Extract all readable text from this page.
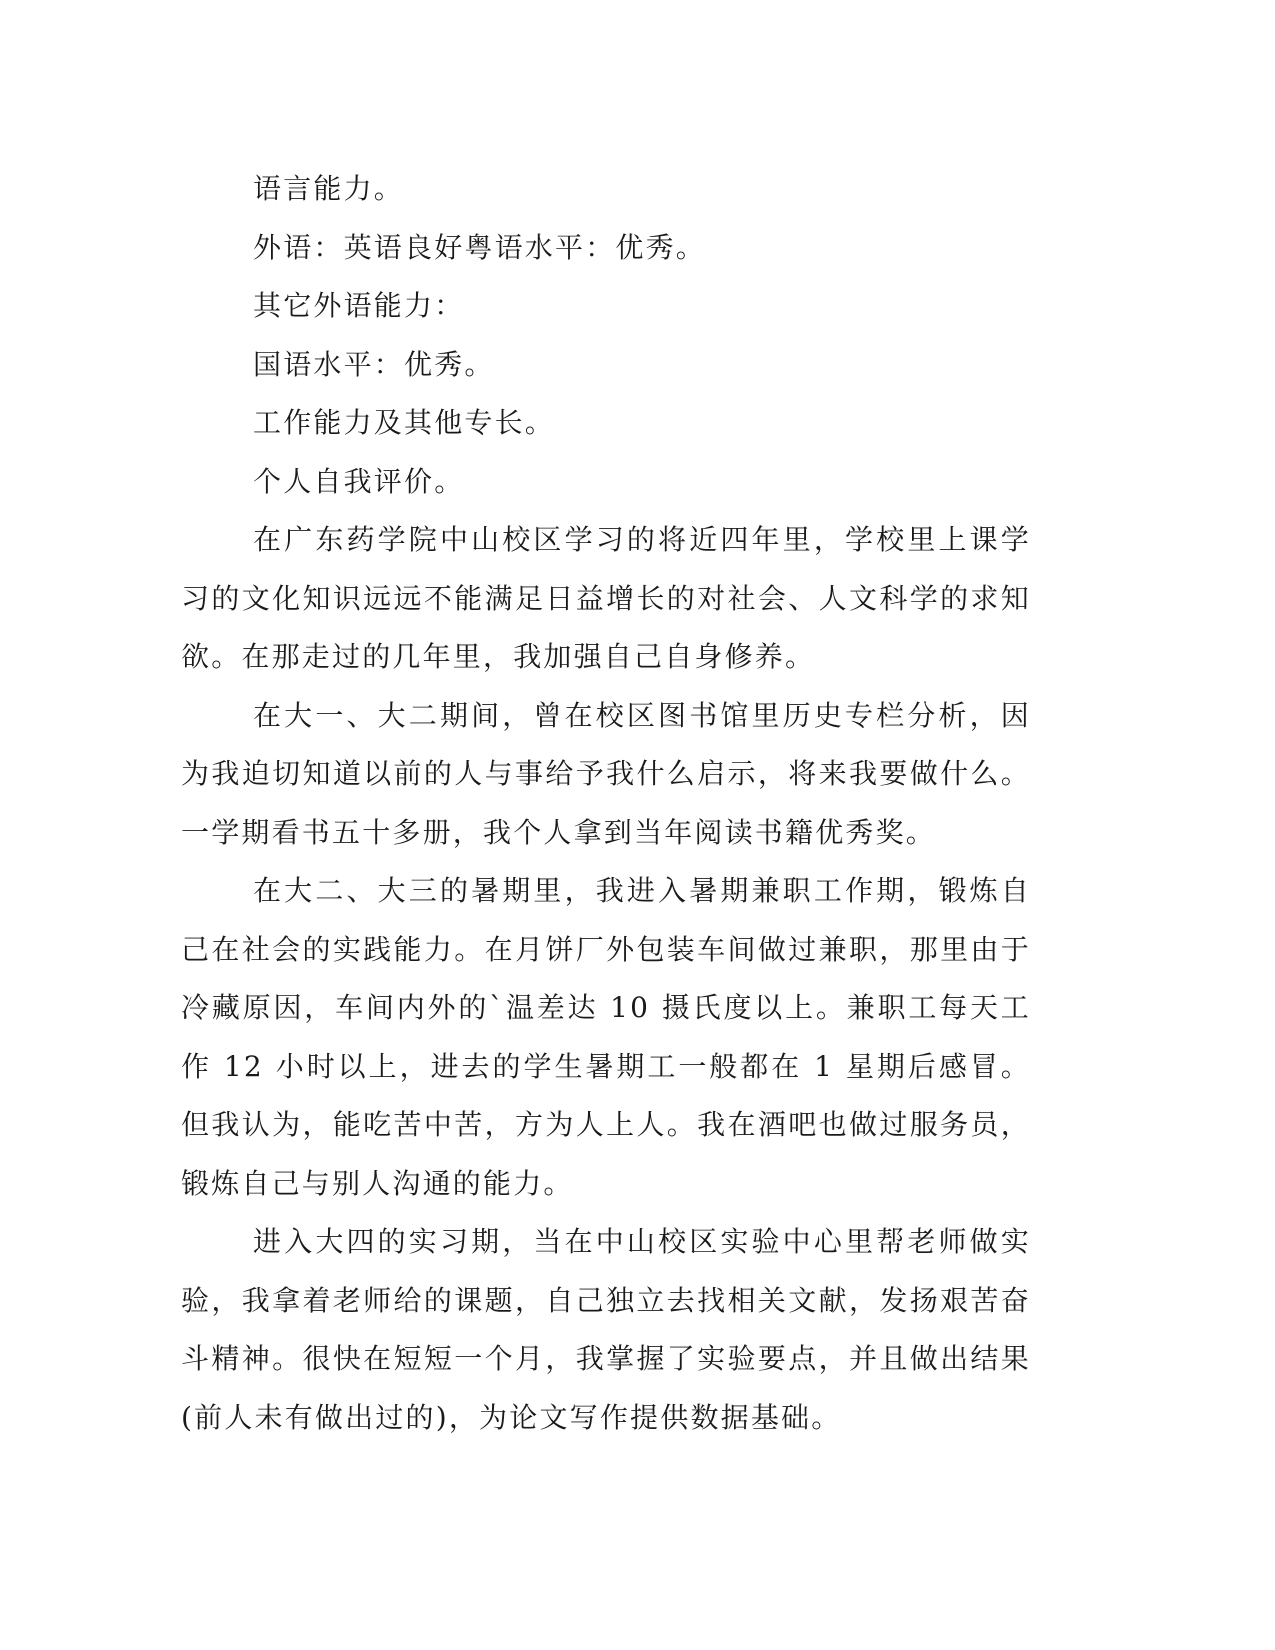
语言能力。

外语：英语良好粤语水平：优秀。

其它外语能力：

国语水平：优秀。

工作能力及其他专长。

个人自我评价。

在广东药学院中山校区学习的将近四年里，学校里上课学习的文化知识远远不能满足日益增长的对社会、人文科学的求知欲。在那走过的几年里，我加强自己自身修养。

在大一、大二期间，曾在校区图书馆里历史专栏分析，因为我迫切知道以前的人与事给予我什么启示，将来我要做什么。一学期看书五十多册，我个人拿到当年阅读书籍优秀奖。

在大二、大三的暑期里，我进入暑期兼职工作期，锻炼自己在社会的实践能力。在月饼厂外包装车间做过兼职，那里由于冷藏原因，车间内外的`温差达 10 摄氏度以上。兼职工每天工作 12 小时以上，进去的学生暑期工一般都在 1 星期后感冒。但我认为，能吃苦中苦，方为人上人。我在酒吧也做过服务员，锻炼自己与别人沟通的能力。

进入大四的实习期，当在中山校区实验中心里帮老师做实验，我拿着老师给的课题，自己独立去找相关文献，发扬艰苦奋斗精神。很快在短短一个月，我掌握了实验要点，并且做出结果(前人未有做出过的)，为论文写作提供数据基础。
